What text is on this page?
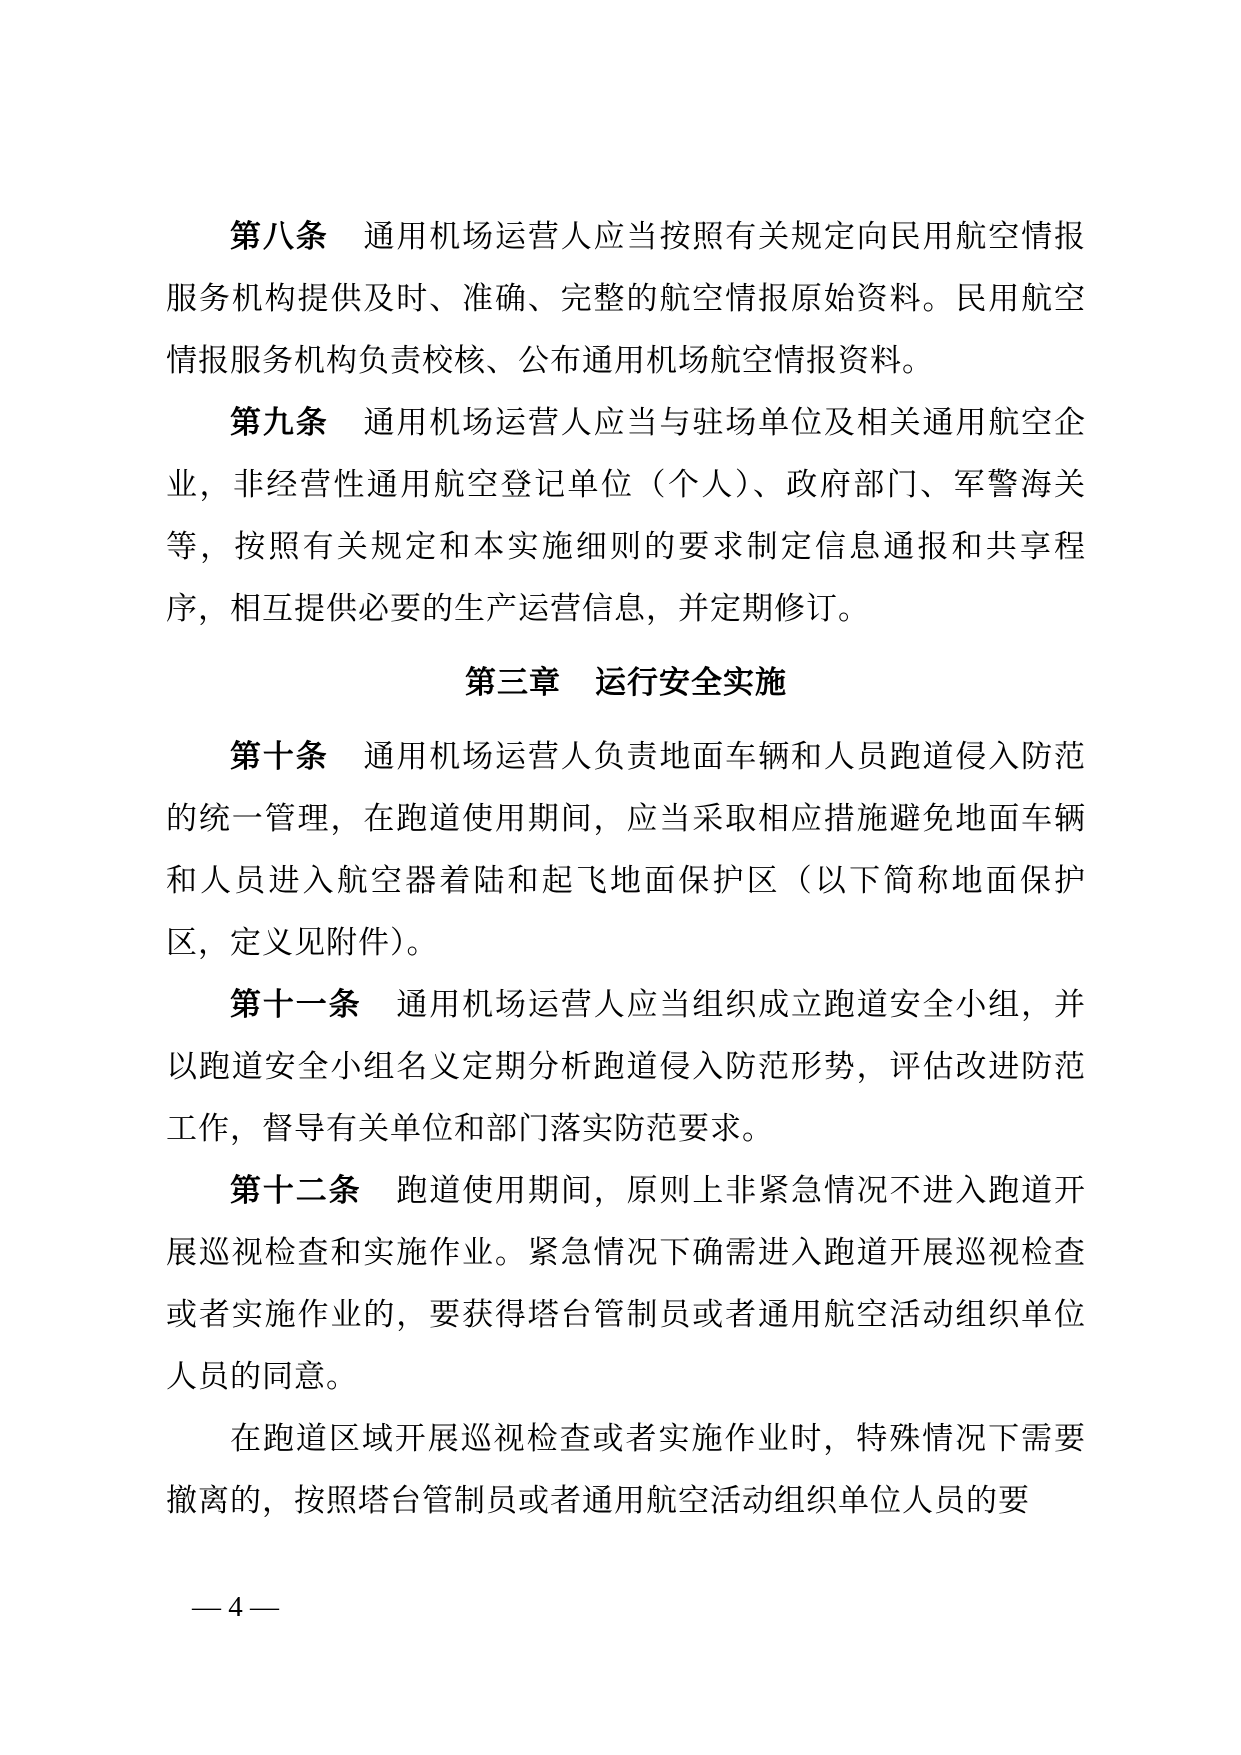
第八条 通用机场运营人应当按照有关规定向民用航空情报服务机构提供及时、准确、完整的航空情报原始资料。民用航空情报服务机构负责校核、公布通用机场航空情报资料。

第九条 通用机场运营人应当与驻场单位及相关通用航空企业，非经营性通用航空登记单位（个人）、政府部门、军警海关等，按照有关规定和本实施细则的要求制定信息通报和共享程序，相互提供必要的生产运营信息，并定期修订。

第三章 运行安全实施

第十条 通用机场运营人负责地面车辆和人员跑道侵入防范的统一管理，在跑道使用期间，应当采取相应措施避免地面车辆和人员进入航空器着陆和起飞地面保护区（以下简称地面保护区，定义见附件）。

第十一条 通用机场运营人应当组织成立跑道安全小组，并以跑道安全小组名义定期分析跑道侵入防范形势，评估改进防范工作，督导有关单位和部门落实防范要求。

第十二条 跑道使用期间，原则上非紧急情况不进入跑道开展巡视检查和实施作业。紧急情况下确需进入跑道开展巡视检查或者实施作业的，要获得塔台管制员或者通用航空活动组织单位人员的同意。

在跑道区域开展巡视检查或者实施作业时，特殊情况下需要撤离的，按照塔台管制员或者通用航空活动组织单位人员的要

— 4 —
